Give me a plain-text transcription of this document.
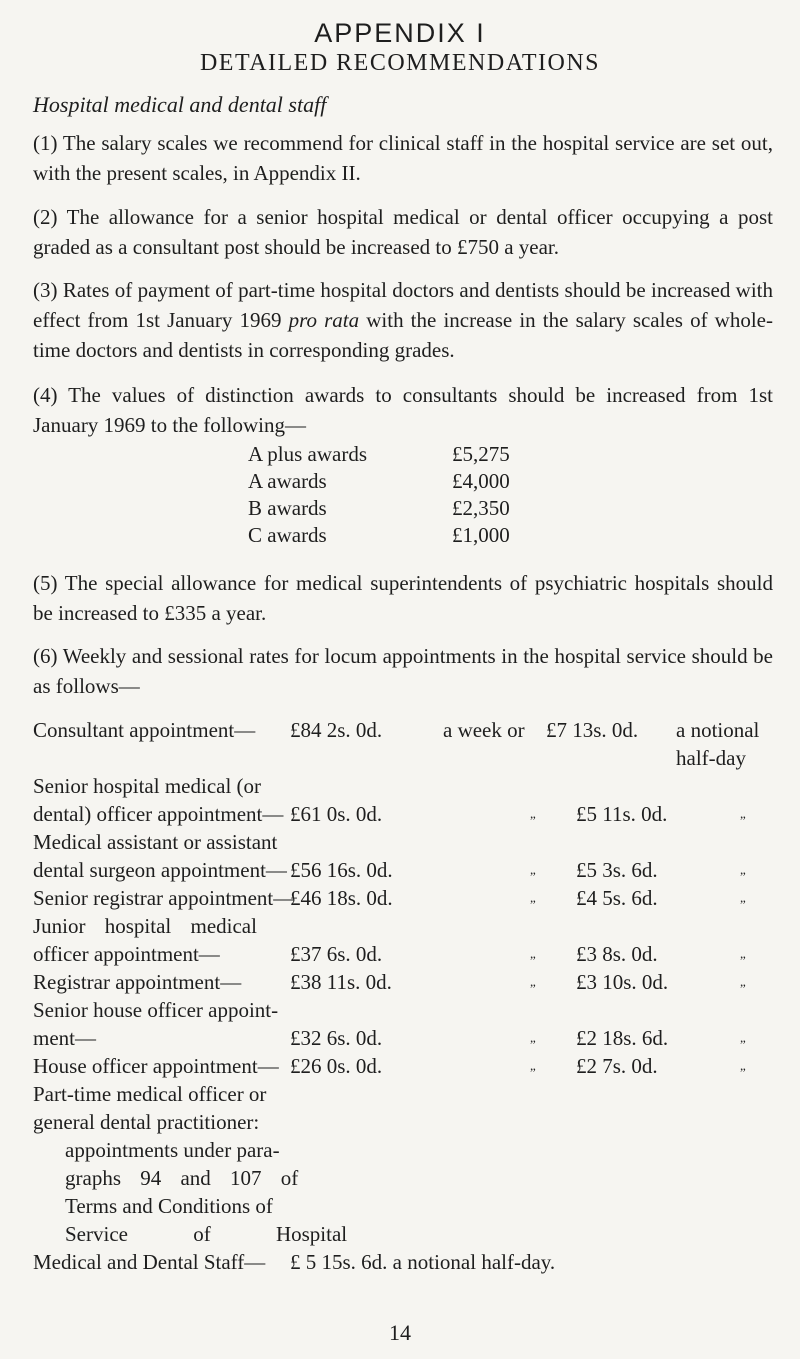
APPENDIX I
DETAILED RECOMMENDATIONS
Hospital medical and dental staff

(1) The salary scales we recommend for clinical staff in the hospital service are set out, with the present scales, in Appendix II.

(2) The allowance for a senior hospital medical or dental officer occupying a post graded as a consultant post should be increased to £750 a year.

(3) Rates of payment of part-time hospital doctors and dentists should be increased with effect from 1st January 1969 pro rata with the increase in the salary scales of whole-time doctors and dentists in corresponding grades.

(4) The values of distinction awards to consultants should be increased from 1st January 1969 to the following—

A plus awards	£5,275
A awards	£4,000
B awards	£2,350
C awards	£1,000

(5) The special allowance for medical superintendents of psychiatric hospitals should be increased to £335 a year.

(6) Weekly and sessional rates for locum appointments in the hospital service should be as follows—

Consultant appointment— £84 2s. 0d.	a week or £7 13s. 0d. a notional
half-day
Senior hospital medical (or
dental) officer appointment— £61 0s. 0d.	„ £5 11s. 0d.	„
Medical assistant or assistant
dental surgeon appointment— £56 16s. 0d.	„ £5 3s. 6d.	„
Senior registrar appointment—
£46 18s. 0d.	„ £4 5s. 6d.	„
Junior hospital medical
officer appointment—	£37 6s. 0d.	„ £3 8s. 0d.	„
Registrar appointment— £38 11s. 0d.	„ £3 10s. 0d.	„
Senior house officer appoint-
ment—	£32 6s. 0d.	„ £2 18s. 6d.	„
House officer appointment— £26 0s. 0d.	„ £2 7s. 0d.	„
Part-time medical officer or
general dental practitioner:
appointments under para-
graphs 94 and 107 of
Terms and Conditions of
Service of Hospital
Medical and Dental Staff— £ 5 15s. 6d. a notional half-day.
14
